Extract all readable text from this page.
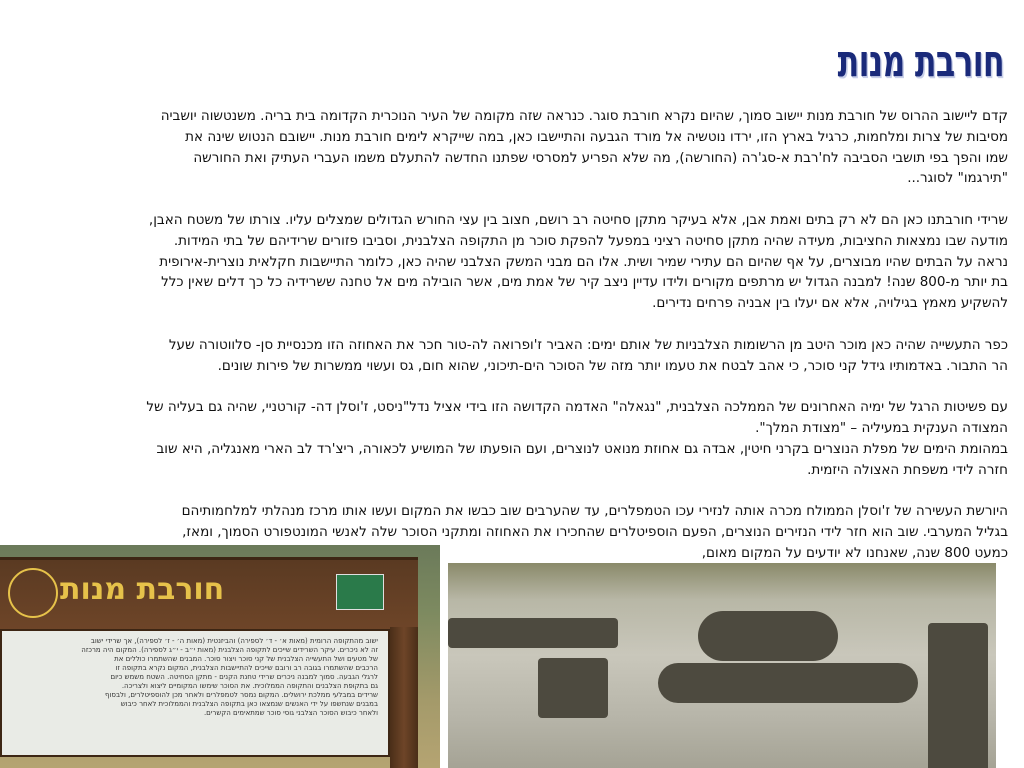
חורבת מנות

קדם ליישוב ההרוס של חורבת מנות יישוב סמוך, שהיום נקרא חורבת סוגר. כנראה שזה מקומה של העיר הנוכרית הקדומה בית בריה. משנטשוה יושביה

מסיבות של צרות ומלחמות, כרגיל בארץ הזו, ירדו נוטשיה אל מורד הגבעה והתיישבו כאן, במה שייקרא לימים חורבת מנות. יישובם הנטוש שינה את

שמו והפך בפי תושבי הסביבה לח'רבת א-סג'רה (החורשה), מה שלא הפריע למסרסי שפתנו החדשה להתעלם משמו העברי העתיק ואת החורשה

"תירגמו" לסוגר...

שרידי חורבתנו כאן הם לא רק בתים ואמת אבן, אלא בעיקר מתקן סחיטה רב רושם, חצוב בין עצי החורש הגדולים שמצלים עליו. צורתו של משטח האבן,

מודעה שבו נמצאות החציבות, מעידה שהיה מתקן סחיטה רציני במפעל להפקת סוכר מן התקופה הצלבנית, וסביבו פזורים שרידיהם של בתי המידות.

נראה על הבתים שהיו מבוצרים, על אף שהיום הם עתירי שמיר ושית. אלו הם מבני המשק הצלבני שהיה כאן, כלומר התיישבות חקלאית נוצרית-אירופית

בת יותר מ-800 שנה! למבנה הגדול יש מרתפים מקורים ולידו עדיין ניצב קיר של אמת מים, אשר הובילה מים אל טחנה ששרידיה כל כך דלים שאין כלל

להשקיע מאמץ בגילויה, אלא אם יעלו בין אבניה פרחים נדירים.

כפר התעשייה שהיה כאן מוכר היטב מן הרשומות הצלבניות של אותם ימים: האביר ז'ופרואה לה-טור חכר את האחוזה הזו מכנסיית סן- סלווטורה שעל

הר התבור. באדמותיו גידל קני סוכר, כי אהב לבטח את טעמו יותר מזה של הסוכר הים-תיכוני, שהוא חום, גס ועשוי ממשרות של פירות שונים.

עם פשיטות הרגל של ימיה האחרונים של הממלכה הצלבנית, "נגאלה" האדמה הקדושה הזו בידי אציל נדל"ניסט, ז'וסלן דה- קורטניי, שהיה גם בעליה של

המצודה הענקית במעיליה – "מצודת המלך".

במהומת הימים של מפלת הנוצרים בקרני חיטין, אבדה גם אחוזת מנואט לנוצרים, ועם הופעתו של המושיע לכאורה, ריצ'רד לב הארי מאנגליה, היא שוב

חזרה לידי משפחת האצולה היזמית.

היורשת העשירה של ז'וסלן הממולח מכרה אותה לנזירי עכו הטמפלרים, עד שהערבים שוב כבשו את המקום ועשו אותו מרכז מנהלתי למלחמותיהם

בגליל המערבי. שוב הוא חזר לידי הנזירים הנוצרים, הפעם הוספיטלרים שהחכירו את האחוזה ומתקני הסוכר שלה לאנשי המונטפורט הסמוך, ומאז,

כמעט 800 שנה, שאנחנו לא יודעים על המקום מאום,

חורבת מנות
ישוב מהתקופה הרומית (מאות א׳ - ד׳ לספירה) והביזנטית (מאות ה׳ - ז׳ לספירה), אך שרידי ישוב
זה לא ניכרים. עיקר השרידים שייכים לתקופה הצלבנית (מאות י״ב - י״ג לספירה). המקום היה מרכזה
של מטעים ושל התעשייה הצלבנית של קני סוכר ויצור סוכר. המבנים שהשתמרו כוללים את
הרכבים שהשתמרו בגובה רב ורובם שייכים להתיישבות הצלבנית, המקום נקרא בתקופה זו
לרגלי הגבעה. סמוך למבנה ניכרים שרידי טחנת הקנים - מתקן הסחיטה. השטח משמש כיום
גם בתקופת הצלבנים והתקופה הממלוכית. את הסוכר שימשו המקומיים ליצוא ולצריכה.
שרידים במבלעי ממלכת ירושלים. המקום נמסר לטמפלרים ולאחר מכן להוספיטלרים, ולבסוף
במבנים שנחשפו על ידי האנשים שנמצאו כאן בתקופה הצלבנית והממלוכית לאחר כיבוש
ולאחר כיבוש הסוכר הצלבני גוסי סוכר שמתאימים הקשרים.
